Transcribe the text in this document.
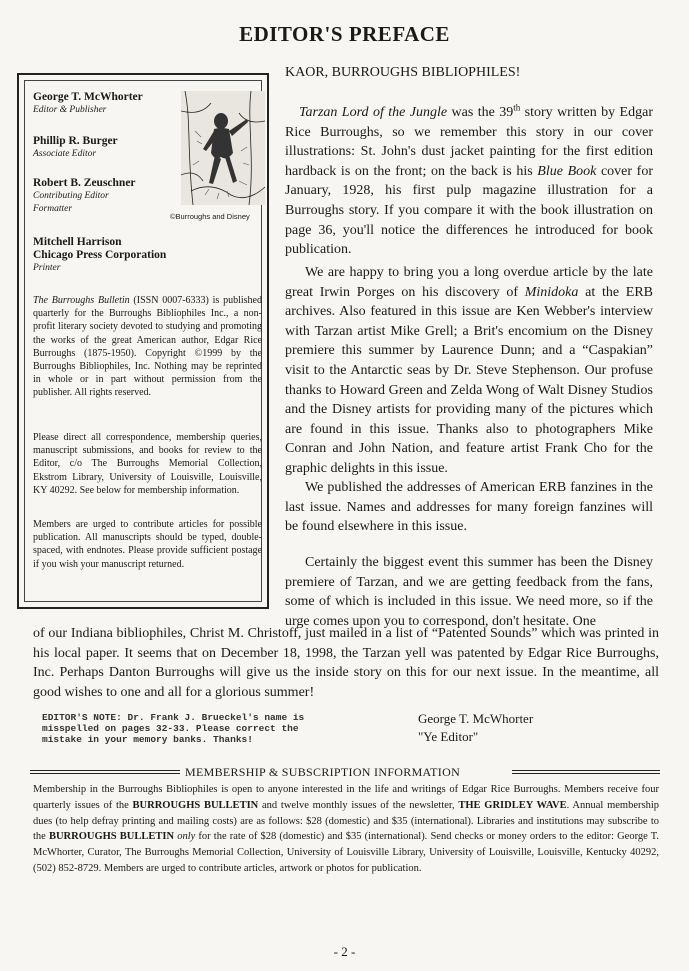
EDITOR'S PREFACE
George T. McWhorter
Editor & Publisher
Phillip R. Burger
Associate Editor
Robert B. Zeuschner
Contributing Editor
Formatter
Mitchell Harrison
Chicago Press Corporation
Printer
©Burroughs and Disney
The Burroughs Bulletin (ISSN 0007-6333) is published quarterly for the Burroughs Bibliophiles Inc., a non-profit literary society devoted to studying and promoting the works of the great American author, Edgar Rice Burroughs (1875-1950). Copyright ©1999 by the Burroughs Bibliophiles, Inc. Nothing may be reprinted in whole or in part without permission from the publisher. All rights reserved.
Please direct all correspondence, membership queries, manuscript submissions, and books for review to the Editor, c/o The Burroughs Memorial Collection, Ekstrom Library, University of Louisville, Louisville, KY 40292. See below for membership information.
Members are urged to contribute articles for possible publication. All manuscripts should be typed, double-spaced, with endnotes. Please provide sufficient postage if you wish your manuscript returned.
KAOR, BURROUGHS BIBLIOPHILES!
Tarzan Lord of the Jungle was the 39th story written by Edgar Rice Burroughs, so we remember this story in our cover illustrations: St. John's dust jacket painting for the first edition hardback is on the front; on the back is his Blue Book cover for January, 1928, his first pulp magazine illustration for a Burroughs story. If you compare it with the book illustration on page 36, you'll notice the differences he introduced for book publication.
We are happy to bring you a long overdue article by the late great Irwin Porges on his discovery of Minidoka at the ERB archives. Also featured in this issue are Ken Webber's interview with Tarzan artist Mike Grell; a Brit's encomium on the Disney premiere this summer by Laurence Dunn; and a “Caspakian” visit to the Antarctic seas by Dr. Steve Stephenson. Our profuse thanks to Howard Green and Zelda Wong of Walt Disney Studios and the Disney artists for providing many of the pictures which are found in this issue. Thanks also to photographers Mike Conran and John Nation, and feature artist Frank Cho for the graphic delights in this issue.
We published the addresses of American ERB fanzines in the last issue. Names and addresses for many foreign fanzines will be found elsewhere in this issue.
Certainly the biggest event this summer has been the Disney premiere of Tarzan, and we are getting feedback from the fans, some of which is included in this issue. We need more, so if the urge comes upon you to correspond, don't hesitate. One
of our Indiana bibliophiles, Christ M. Christoff, just mailed in a list of “Patented Sounds” which was printed in his local paper. It seems that on December 18, 1998, the Tarzan yell was patented by Edgar Rice Burroughs, Inc. Perhaps Danton Burroughs will give us the inside story on this for our next issue. In the meantime, all good wishes to one and all for a glorious summer!
EDITOR'S NOTE: Dr. Frank J. Brueckel's name is misspelled on pages 32-33. Please correct the mistake in your memory banks. Thanks!
George T. McWhorter
"Ye Editor"
MEMBERSHIP & SUBSCRIPTION INFORMATION
Membership in the Burroughs Bibliophiles is open to anyone interested in the life and writings of Edgar Rice Burroughs. Members receive four quarterly issues of the BURROUGHS BULLETIN and twelve monthly issues of the newsletter, THE GRIDLEY WAVE. Annual membership dues (to help defray printing and mailing costs) are as follows: $28 (domestic) and $35 (international). Libraries and institutions may subscribe to the BURROUGHS BULLETIN only for the rate of $28 (domestic) and $35 (international). Send checks or money orders to the editor: George T. McWhorter, Curator, The Burroughs Memorial Collection, University of Louisville Library, University of Louisville, Louisville, Kentucky 40292, (502) 852-8729. Members are urged to contribute articles, artwork or photos for publication.
- 2 -
